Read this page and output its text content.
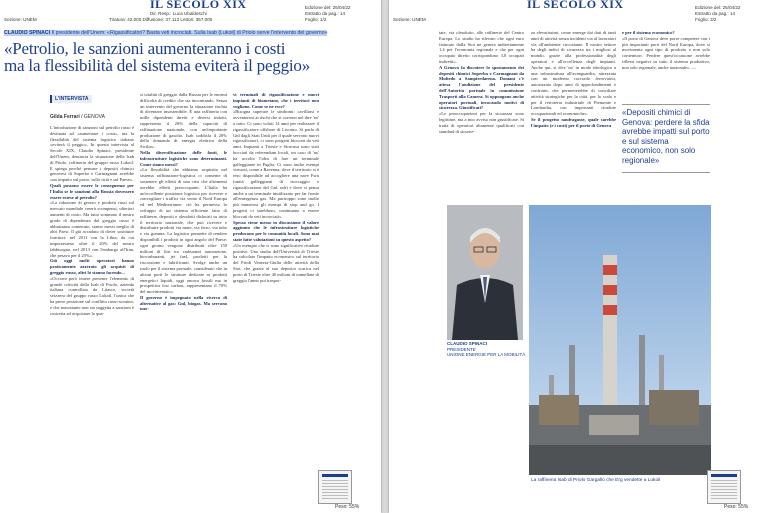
IL SECOLO XIX
Dir. Resp.: Luca Ubaldeschi
Tiratura: 42.000 Diffusione: 37.113 Lettori: 357.000
Edizione del: 25/04/22
Estratto da pag.: 14
Foglio: 1/2
Sezione: UNEM
CLAUDIO SPINACI Il presidente dell'Unem: «Rigassificatori? Basta veti incrociati. Sulla Isab (Lukoil) di Priolo serve l'intervento del governo»
«Petrolio, le sanzioni aumenteranno i costi
ma la flessibilità del sistema eviterà il peggio»
L'INTERVISTA
Gilda Ferrari / GENOVA
L'introduzione di sanzioni sul petrolio russo è destinata ad «aumentare i costi», ma la flessibilità del sistema logistico italiano «eviterà il peggio». In questa intervista al Secolo XIX, Claudio Spinaci, presidente dell'Unem, denuncia la situazione della Isab di Priolo, raffineria del gruppo russo Lukoil. E spiega perché pensare i depositi chimici genovesi di Superba e Carmagnani avrebbe «un impatto sul porto, sulla città e sul Paese».
Quali possono essere le conseguenze per l'Italia se le sanzioni alla Russia dovessero essere estese al petrolio?
«La riduzione di grezzo e prodotti russi sul mercato mondiale creerà scompensi, ulteriori aumenti di costo. Ma tutto sommato il nostro grado di dipendenza dal greggio russo è abbastanza contenuto, siamo messi meglio di altri Paesi. Il già accaduto di dover sostituire fornitori: nel 2011 con la Libia, da cui importavamo oltre il 20% del nostro fabbisogno, nel 2013 con l'embargo all'Iran, che pesava per il 25%».
Già oggi molti operatori hanno praticamente azzerato gli acquisti di greggio russo, altri lo stanno facendo...
«Occorre però tenere presente l'elemento di grande criticità della Isab di Priolo, azienda italiana controllata da Litasco, società svizzera del gruppo russo Lukoil, l'unica che ha preso posizione sul conflitto russo-ucraino, e che nonostante non sia soggetta a sanzioni è costretta ad acquistare la qua-
si totalità di greggio dalla Russia per le enormi difficoltà di credito che sta incontrando. Senza un intervento del governo la situazione rischia di diventare insostenibile. È una raffineria con mille dipendenti diretti e diversi indotti, rappresenta il 20% della capacità di raffinazione nazionale, con un'importante produzione di gasolio. Isab soddisfa il 20% della domanda di energia elettrica della Sicilia».
Nella diversificazione delle fonti, le infrastrutture logistiche sono determinanti. Come siamo messi?
«La flessibilità che abbiamo acquisito nel sistema raffinazione-logistica ci consente di sostenere gli effetti di una crisi che altrimenti avrebbe effetti preoccupanti. L'Italia ha un'eccellente posizione logistica per ricevere e convogliare i traffici via vento il Nord Europa ed nel Mediterraneo: ciò ha permesso lo sviluppo di un sistema efficiente fatto di raffinerie, depositi e oleodotti dislocati su tutto il territorio nazionale, che può ricevere e distribuire prodotti via mare, via ferro, via tubo e via gomma. La logistica permette di rendere disponibili i prodotti in ogni angolo del Paese: ogni giorno vengono distribuiti oltre 150 milioni di litri tra carburanti autorazione, biocarburanti, jet fuel, prodotti per la riscossione e lubrificanti. Svolge anche un ruolo per il sistema portuale, considerato che in alcuni porti le strutture dedicate ai prodotti energetici liquidi, oggi ancora fossili ma in prospettiva low carbon, rappresentano il 70% del movimentato».
Il governo è impegnato nella ricerca di alternative al gas: Gnl, biogas. Ma servono nuo-
vi terminali di rigassificazione e nuovi impianti di biometano, che i territori non vogliono. Come se ne esce?
«Bisogna superare le sindromi: cavillarsi e avventurosi ai rischi che si corrono nel dire 'no' a tutto. Ci sono voluti 14 anni per realizzare il rigassificatore offshore di Livorno. Si parla di Gnl dagli Stati Uniti per il quale servono nuovi rigassificatori, ci sono progetti bloccati da veti anni. Impianti a Trieste e Siracusa sono stati bocciati da referendum locali, un caso di 'no' ha accolto l'idea di fare un terminale galleggiante in Puglia. Ci sono anche esempi virtuosi, come a Ravenna, dove il territorio si è reso disponibile ad accogliere una nave Fsru (unità galleggianti di stoccaggio e rigassificazione del Gnl, ndr) e dove si pensa anche a un terminale inutilizzato per far fronte all'emergenza gas. Ma purtroppo sono molto più numerosi gli esempi di stop and go. I progetti ci sarebbero, continuano a essere bloccati da veti incrociati».
Spesso viene messo in discussione il valore aggiunto che le infrastrutture logistiche producono per le comunità locali. Sono mai state fatte valutazioni su questo aspetto?
«Un esempio che ci sono significative ricadute positive. Uno studio dell'Università di Trieste ha calcolato l'impatto economico sul territorio del Friuli Venezia-Giulia delle attività della Siot, che grazie al suo deposito scarica nel porto di Trieste oltre 40 milioni di tonnellate di greggio l'anno poi traspor-
Peso: 55%
IL SECOLO XIX	Edizione del: 25/04/22
Estratto da pag.: 14
Foglio: 2/2
Sezione: UNEM
tate, via oleodotto, alle raffinerie del Centro Europa. Lo studio ha rilevato che ogni euro fatturato dalla Siot ne genera indirettamente 1,4 per l'economia regionale e che per ogni occupato diretto corrispondono 3,8 occupati indiretti».
A Genova fa discutere lo spostamento dei depositi chimici Superba e Carmagnani da Multedo a Sampierdarena. Domani c'è attesa l'audizione del presidente dell'Autorità portuale in commissione Trasporti alla Camera. Si oppongono anche operatori portuali, invocando motivi di sicurezza. Giustificati?
«Le preoccupazioni per la sicurezza sono legittime, ma a mio avviso non giustificate. Si tratta di operatori altamente qualificati con standard di sicurez-
za elevatissimi, come emerge dai dati di tanti anni di attività senza incidenti via al lavoratori via all'ambiente circostante. Il nostro settore ha degli indici di sicurezza tra i migliori al mondo, grazie alla professionalità degli operatori e all'eccellenza degli impianti. Anche qui, si dice 'no' in modo ideologico a una infrastruttura all'avanguardia, attrezzata con un moderno raccordo ferroviario, autorizzata dopo anni di approfondimenti e confronti, che permetterebbe di conciliare attività strategiche per la città, per lo scalo e per il retroterra industriale di Piemonte e Lombardia, con importanti ricadute occupazionali ed economiche».
Se il progetto naufragasse, quale sarebbe l'impatto (e i costi) per il porto di Genova
e per il sistema economico?
«Il porto di Genova deve porre competere con i più importanti porti del Nord Europa, dove si movimenta ogni tipo di prodotto e non solo contenitori. Perdere quest'occasione avrebbe riflessi negativi su tutto il sistema produttivo, non solo regionale, anche nazionale». —
«Depositi chimici di Genova: perdere la sfida avrebbe impatti sul porto e sul sistema economico, non solo regionale»
CLAUDIO SPINACI
PRESIDENTE
UNIONE ENERGIE PER LA MOBILITÀ
La raffineria Isab di Priolo Gargallo che Erg vendette a Lukoil
Peso: 55%
